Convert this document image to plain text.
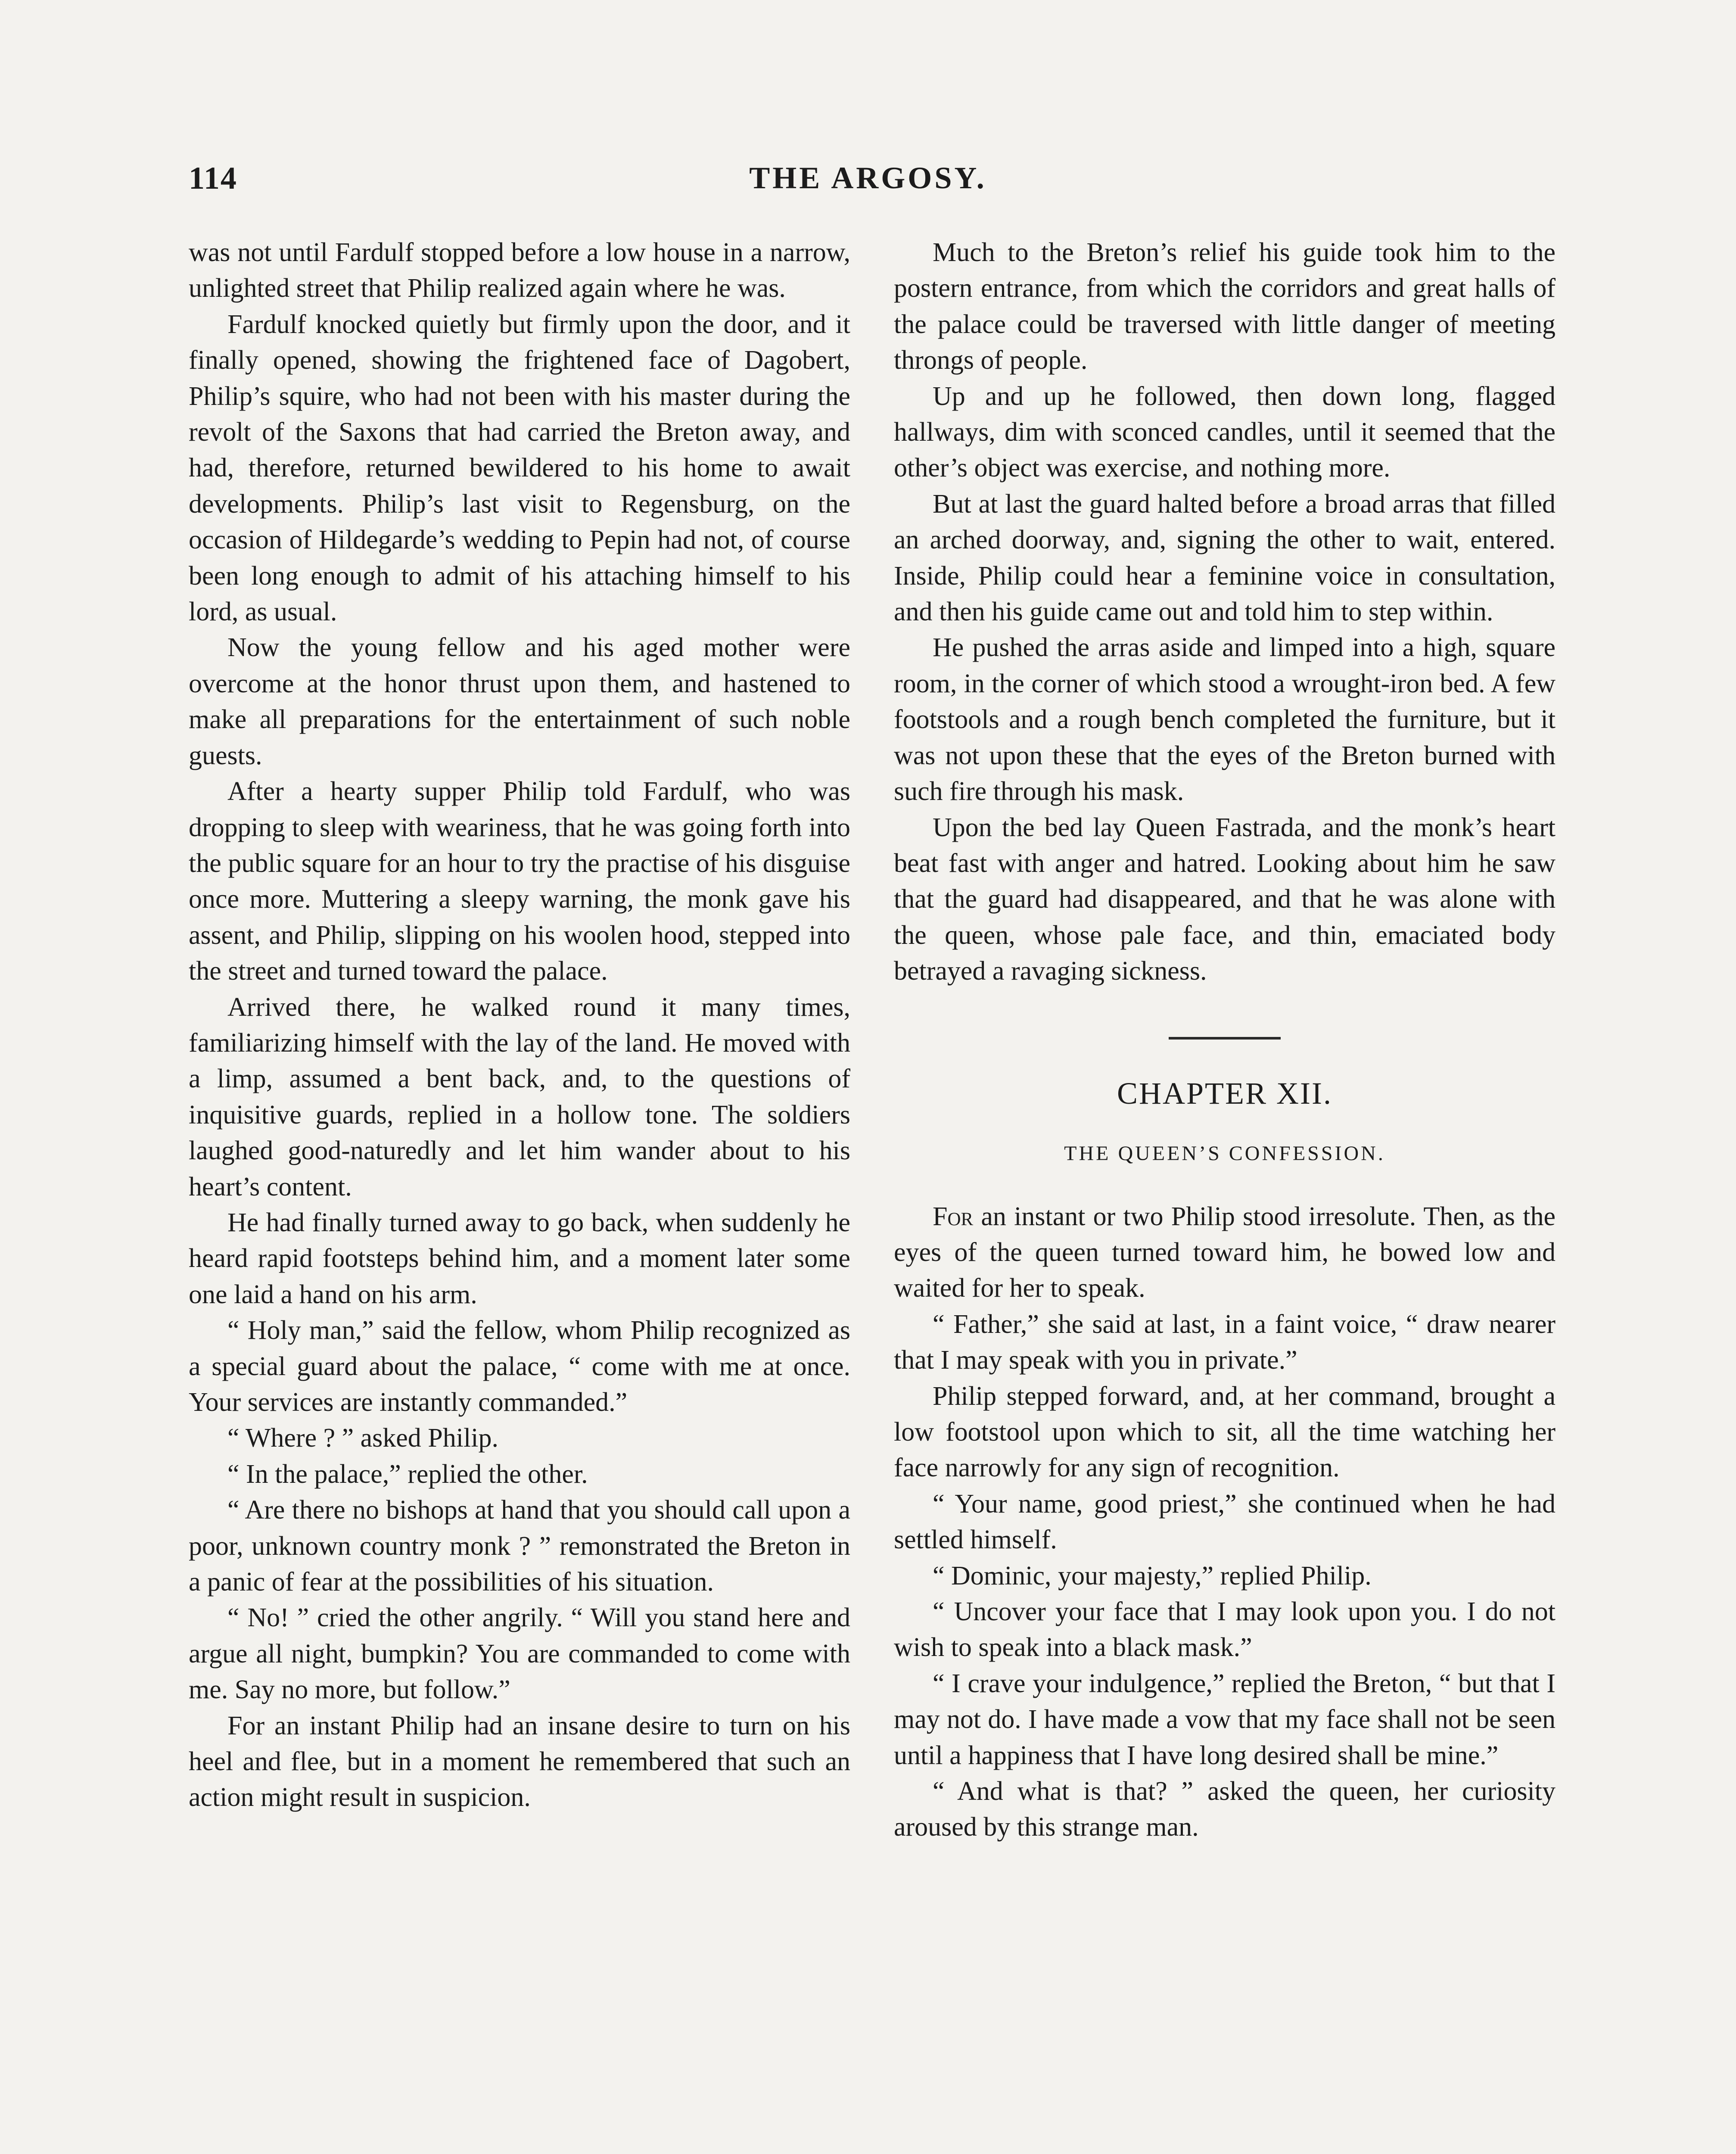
114	THE ARGOSY.

was not until Fardulf stopped before a low house in a narrow, unlighted street that Philip realized again where he was.

Fardulf knocked quietly but firmly upon the door, and it finally opened, showing the frightened face of Dagobert, Philip’s squire, who had not been with his master during the revolt of the Saxons that had carried the Breton away, and had, therefore, returned bewildered to his home to await developments. Philip’s last visit to Regensburg, on the occasion of Hildegarde’s wedding to Pepin had not, of course been long enough to admit of his attaching himself to his lord, as usual.

Now the young fellow and his aged mother were overcome at the honor thrust upon them, and hastened to make all preparations for the entertainment of such noble guests.

After a hearty supper Philip told Fardulf, who was dropping to sleep with weariness, that he was going forth into the public square for an hour to try the practise of his disguise once more. Muttering a sleepy warning, the monk gave his assent, and Philip, slipping on his woolen hood, stepped into the street and turned toward the palace.

Arrived there, he walked round it many times, familiarizing himself with the lay of the land. He moved with a limp, assumed a bent back, and, to the questions of inquisitive guards, replied in a hollow tone. The soldiers laughed good-naturedly and let him wander about to his heart’s content.

He had finally turned away to go back, when suddenly he heard rapid footsteps behind him, and a moment later some one laid a hand on his arm.

“ Holy man,” said the fellow, whom Philip recognized as a special guard about the palace, “ come with me at once. Your services are instantly commanded.”

“ Where ? ” asked Philip.

“ In the palace,” replied the other.

“ Are there no bishops at hand that you should call upon a poor, unknown country monk ? ” remonstrated the Breton in a panic of fear at the possibilities of his situation.

“ No! ” cried the other angrily. “ Will you stand here and argue all night, bumpkin? You are commanded to come with me. Say no more, but follow.”

For an instant Philip had an insane desire to turn on his heel and flee, but in a moment he remembered that such an action might result in suspicion.

Much to the Breton’s relief his guide took him to the postern entrance, from which the corridors and great halls of the palace could be traversed with little danger of meeting throngs of people.

Up and up he followed, then down long, flagged hallways, dim with sconced candles, until it seemed that the other’s object was exercise, and nothing more.

But at last the guard halted before a broad arras that filled an arched doorway, and, signing the other to wait, entered. Inside, Philip could hear a feminine voice in consultation, and then his guide came out and told him to step within.

He pushed the arras aside and limped into a high, square room, in the corner of which stood a wrought-iron bed. A few footstools and a rough bench completed the furniture, but it was not upon these that the eyes of the Breton burned with such fire through his mask.

Upon the bed lay Queen Fastrada, and the monk’s heart beat fast with anger and hatred. Looking about him he saw that the guard had disappeared, and that he was alone with the queen, whose pale face, and thin, emaciated body betrayed a ravaging sickness.

CHAPTER XII.
THE QUEEN’S CONFESSION.

For an instant or two Philip stood irresolute. Then, as the eyes of the queen turned toward him, he bowed low and waited for her to speak.

“ Father,” she said at last, in a faint voice, “ draw nearer that I may speak with you in private.”

Philip stepped forward, and, at her command, brought a low footstool upon which to sit, all the time watching her face narrowly for any sign of recognition.

“ Your name, good priest,” she continued when he had settled himself.

“ Dominic, your majesty,” replied Philip.

“ Uncover your face that I may look upon you. I do not wish to speak into a black mask.”

“ I crave your indulgence,” replied the Breton, “ but that I may not do. I have made a vow that my face shall not be seen until a happiness that I have long desired shall be mine.”

“ And what is that? ” asked the queen, her curiosity aroused by this strange man.
